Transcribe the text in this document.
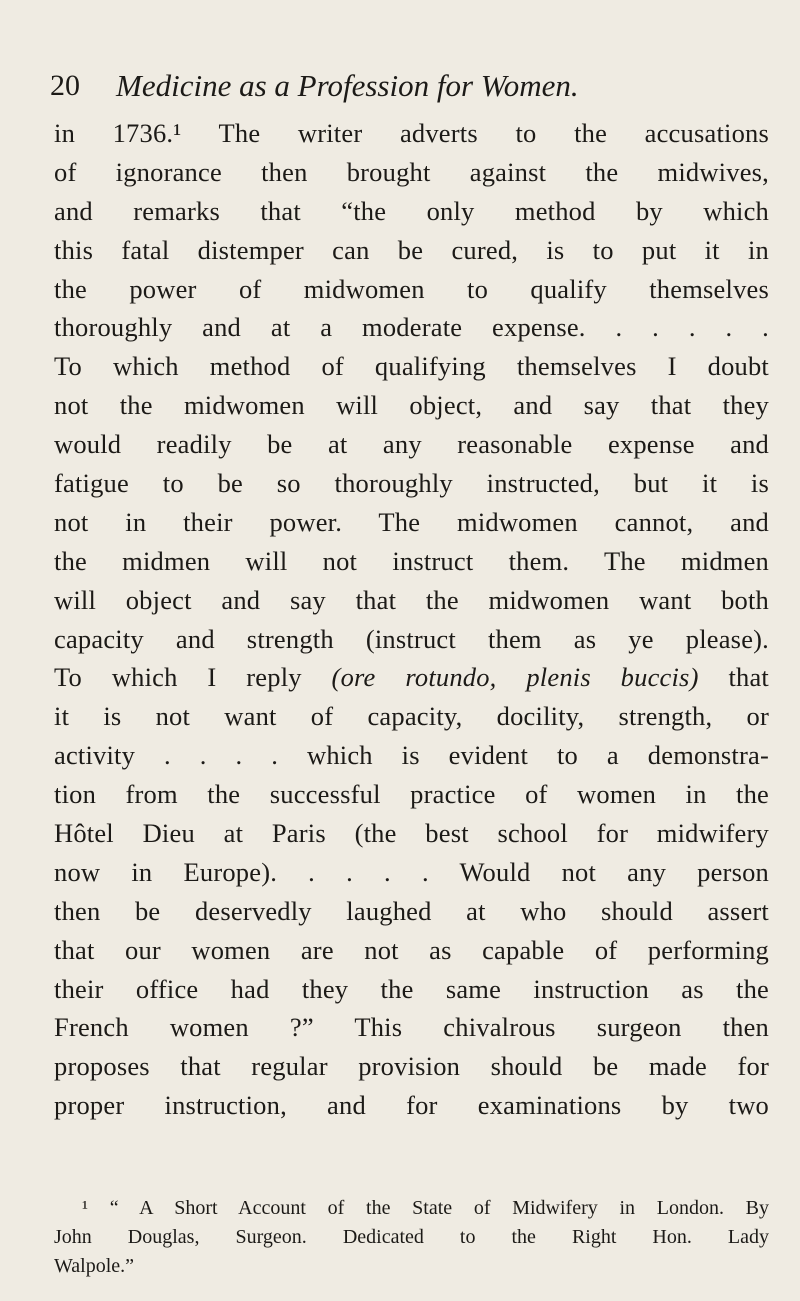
20 Medicine as a Profession for Women.
in 1736.¹ The writer adverts to the accusations
of ignorance then brought against the midwives,
and remarks that “the only method by which
this fatal distemper can be cured, is to put it in
the power of midwomen to qualify themselves
thoroughly and at a moderate expense. . . . . .
To which method of qualifying themselves I doubt
not the midwomen will object, and say that they
would readily be at any reasonable expense and
fatigue to be so thoroughly instructed, but it is
not in their power. The midwomen cannot, and
the midmen will not instruct them. The midmen
will object and say that the midwomen want both
capacity and strength (instruct them as ye please).
To which I reply (ore rotundo, plenis buccis) that
it is not want of capacity, docility, strength, or
activity . . . . which is evident to a demonstra-
tion from the successful practice of women in the
Hôtel Dieu at Paris (the best school for midwifery
now in Europe). . . . . Would not any person
then be deservedly laughed at who should assert
that our women are not as capable of performing
their office had they the same instruction as the
French women ?” This chivalrous surgeon then
proposes that regular provision should be made for
proper instruction, and for examinations by two
¹ “ A Short Account of the State of Midwifery in London. By
John Douglas, Surgeon. Dedicated to the Right Hon. Lady
Walpole.”
